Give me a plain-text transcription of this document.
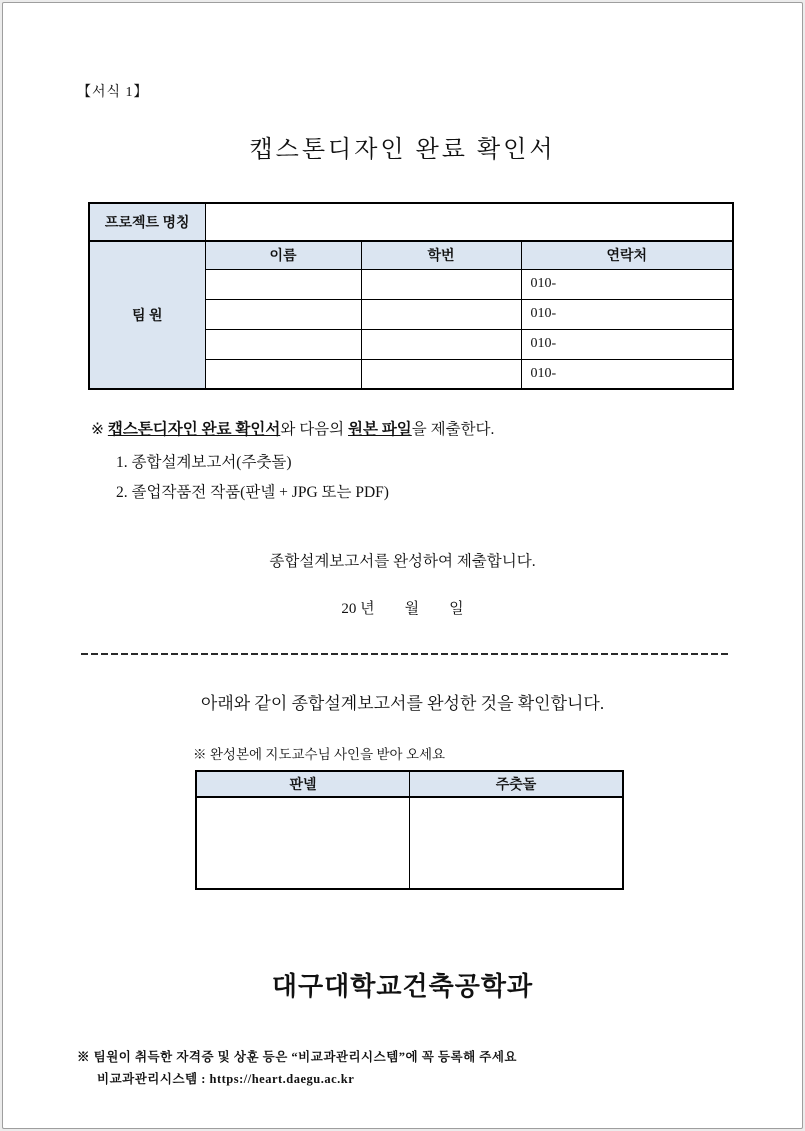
【서식 1】
캡스톤디자인 완료 확인서
프로젝트 명칭			
팀 원	이름	학번	연락처
			010-
			010-
			010-
			010-
※ 캡스톤디자인 완료 확인서와 다음의 원본 파일을 제출한다.
1. 종합설계보고서(주춧돌)
2. 졸업작품전 작품(판넬 + JPG 또는 PDF)
종합설계보고서를 완성하여 제출합니다.
20 년        월        일
아래와 같이 종합설계보고서를 완성한 것을 확인합니다.
※ 완성본에 지도교수님 사인을 받아 오세요
판넬	주춧돌

대구대학교건축공학과
※ 팀원이 취득한 자격증 및 상훈 등은 “비교과관리시스템”에 꼭 등록해 주세요
비교과관리시스템 : https://heart.daegu.ac.kr
